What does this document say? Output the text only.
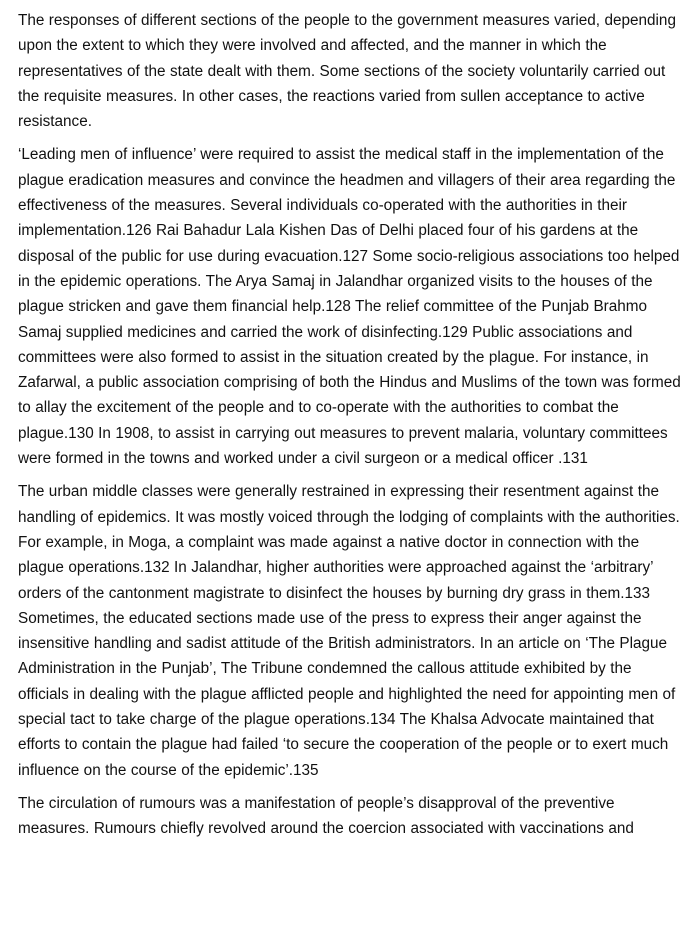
The responses of different sections of the people to the government measures varied, depending upon the extent to which they were involved and affected, and the manner in which the representatives of the state dealt with them. Some sections of the society voluntarily carried out the requisite measures. In other cases, the reactions varied from sullen acceptance to active resistance.

‘Leading men of influence’ were required to assist the medical staff in the implementation of the plague eradication measures and convince the headmen and villagers of their area regarding the effectiveness of the measures. Several individuals co-operated with the authorities in their implementation.126 Rai Bahadur Lala Kishen Das of Delhi placed four of his gardens at the disposal of the public for use during evacuation.127 Some socio-religious associations too helped in the epidemic operations. The Arya Samaj in Jalandhar organized visits to the houses of the plague stricken and gave them financial help.128 The relief committee of the Punjab Brahmo Samaj supplied medicines and carried the work of disinfecting.129 Public associations and committees were also formed to assist in the situation created by the plague. For instance, in Zafarwal, a public association comprising of both the Hindus and Muslims of the town was formed to allay the excitement of the people and to co-operate with the authorities to combat the plague.130 In 1908, to assist in carrying out measures to prevent malaria, voluntary committees were formed in the towns and worked under a civil surgeon or a medical officer .131

The urban middle classes were generally restrained in expressing their resentment against the handling of epidemics. It was mostly voiced through the lodging of complaints with the authorities. For example, in Moga, a complaint was made against a native doctor in connection with the plague operations.132 In Jalandhar, higher authorities were approached against the ‘arbitrary’ orders of the cantonment magistrate to disinfect the houses by burning dry grass in them.133 Sometimes, the educated sections made use of the press to express their anger against the insensitive handling and sadist attitude of the British administrators. In an article on ‘The Plague Administration in the Punjab’, The Tribune condemned the callous attitude exhibited by the officials in dealing with the plague afflicted people and highlighted the need for appointing men of special tact to take charge of the plague operations.134 The Khalsa Advocate maintained that efforts to contain the plague had failed ‘to secure the cooperation of the people or to exert much influence on the course of the epidemic’.135

The circulation of rumours was a manifestation of people’s disapproval of the preventive measures. Rumours chiefly revolved around the coercion associated with vaccinations and
